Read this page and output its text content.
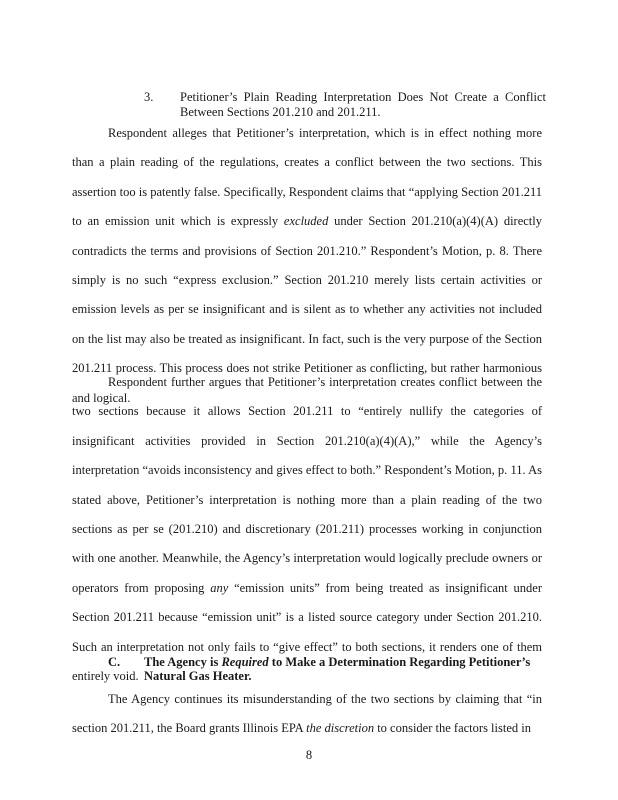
3. Petitioner’s Plain Reading Interpretation Does Not Create a Conflict Between Sections 201.210 and 201.211.

Respondent alleges that Petitioner’s interpretation, which is in effect nothing more than a plain reading of the regulations, creates a conflict between the two sections. This assertion too is patently false. Specifically, Respondent claims that “applying Section 201.211 to an emission unit which is expressly excluded under Section 201.210(a)(4)(A) directly contradicts the terms and provisions of Section 201.210.” Respondent’s Motion, p. 8. There simply is no such “express exclusion.” Section 201.210 merely lists certain activities or emission levels as per se insignificant and is silent as to whether any activities not included on the list may also be treated as insignificant. In fact, such is the very purpose of the Section 201.211 process. This process does not strike Petitioner as conflicting, but rather harmonious and logical.

Respondent further argues that Petitioner’s interpretation creates conflict between the two sections because it allows Section 201.211 to “entirely nullify the categories of insignificant activities provided in Section 201.210(a)(4)(A),” while the Agency’s interpretation “avoids inconsistency and gives effect to both.” Respondent’s Motion, p. 11. As stated above, Petitioner’s interpretation is nothing more than a plain reading of the two sections as per se (201.210) and discretionary (201.211) processes working in conjunction with one another. Meanwhile, the Agency’s interpretation would logically preclude owners or operators from proposing any “emission units” from being treated as insignificant under Section 201.211 because “emission unit” is a listed source category under Section 201.210. Such an interpretation not only fails to “give effect” to both sections, it renders one of them entirely void.

C. The Agency is Required to Make a Determination Regarding Petitioner’s Natural Gas Heater.

The Agency continues its misunderstanding of the two sections by claiming that “in section 201.211, the Board grants Illinois EPA the discretion to consider the factors listed in

8
